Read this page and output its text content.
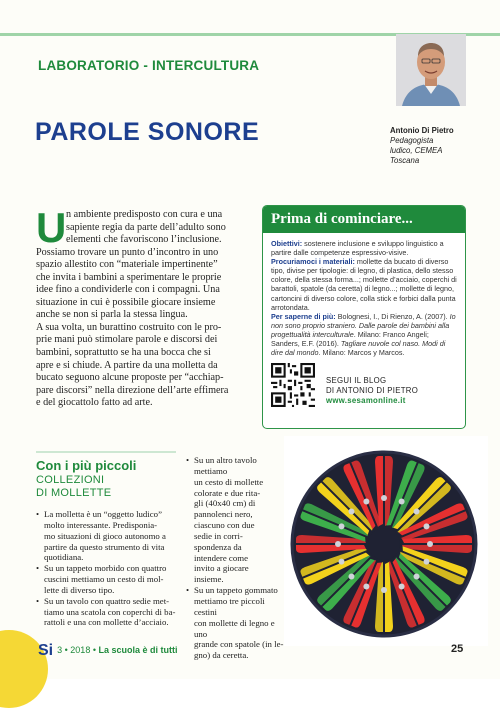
LABORATORIO - INTERCULTURA
PAROLE SONORE	Antonio Di Pietro
Pedagogista
ludico, CEMEA
Toscana
U n ambiente predisposto con cura e una
sapiente regia da parte dell’adulto sono
elementi che favoriscono l’inclusione.
Possiamo trovare un punto d’incontro in uno
spazio allestito con “materiale impertinente”
che invita i bambini a sperimentare le proprie
idee fino a condividerle con i compagni. Una
situazione in cui è possibile giocare insieme
anche se non si parla la stessa lingua.
A sua volta, un burattino costruito con le pro-
prie mani può stimolare parole e discorsi dei
bambini, soprattutto se ha una bocca che si
apre e si chiude. A partire da una molletta da
bucato seguono alcune proposte per “acchiap-
pare discorsi” nella direzione dell’arte effimera
e del giocattolo fatto ad arte.
Prima di cominciare...
Obiettivi: sostenere inclusione e sviluppo linguistico a partire dalle competenze espressivo-visive.
Procuriamoci i materiali: mollette da bucato di diverso tipo, divise per tipologie: di legno, di plastica, dello stesso colore, della stessa forma...; mollette d’acciaio, coperchi di barattoli, spatole (da ceretta) di legno...; mollette di legno, cartoncini di diverso colore, colla stick e forbici dalla punta arrotondata.
Per saperne di più: Bolognesi, I., Di Rienzo, A. (2007). Io non sono proprio straniero. Dalle parole dei bambini alla progettualità interculturale. Milano: Franco Angeli; Sanders, E.F. (2016). Tagliare nuvole col naso. Modi di dire dal mondo. Milano: Marcos y Marcos.
SEGUI IL BLOG
DI ANTONIO DI PIETRO
www.sesamonline.it
Con i più piccoli
COLLEZIONI
DI MOLLETTE
• La molletta è un “oggetto ludico”
molto interessante. Predisponia-
mo situazioni di gioco autonomo a
partire da questo strumento di vita
quotidiana.
• Su un tappeto morbido con quattro
cuscini mettiamo un cesto di mol-
lette di diverso tipo.
• Su un tavolo con quattro sedie met-
tiamo una scatola con coperchi di ba-
rattoli e una con mollette d’acciaio.
• Su un altro tavolo mettiamo
un cesto di mollette
colorate e due rita-
gli (40x40 cm) di
pannolenci nero,
ciascuno con due
sedie in corri-
spondenza da
intendere come
invito a giocare
insieme.
• Su un tappeto gommato
mettiamo tre piccoli cestini
con mollette di legno e uno
grande con spatole (in le-
gno) da ceretta.
Si 3 • 2018 • La scuola è di tutti	25
